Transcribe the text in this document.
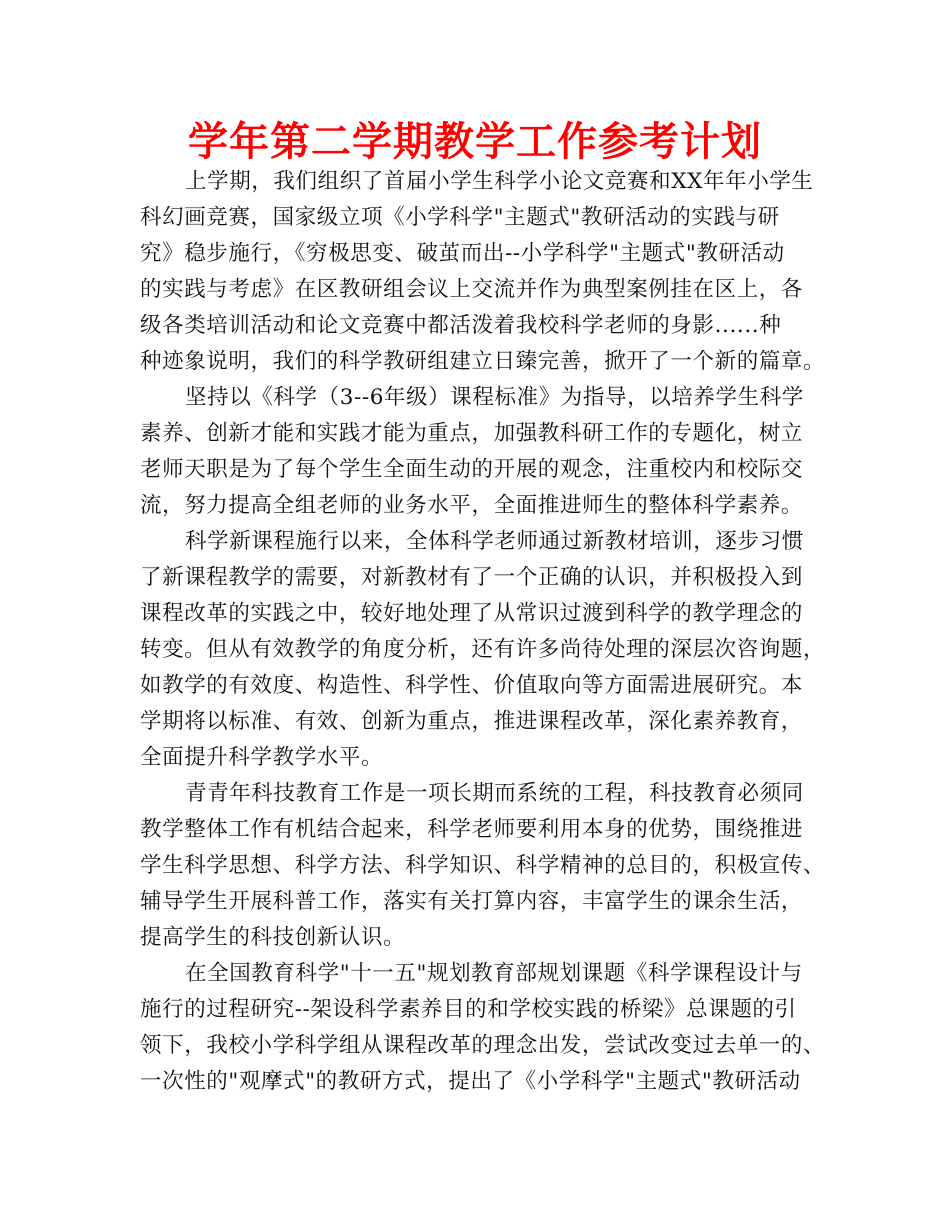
学年第二学期教学工作参考计划
上学期，我们组织了首届小学生科学小论文竞赛和XX年年小学生
科幻画竞赛，国家级立项《小学科学"主题式"教研活动的实践与研
究》稳步施行，《穷极思变、破茧而出--小学科学"主题式"教研活动
的实践与考虑》在区教研组会议上交流并作为典型案例挂在区上，各
级各类培训活动和论文竞赛中都活泼着我校科学老师的身影......种
种迹象说明，我们的科学教研组建立日臻完善，掀开了一个新的篇章。
坚持以《科学（3--6年级）课程标准》为指导，以培养学生科学
素养、创新才能和实践才能为重点，加强教科研工作的专题化，树立
老师天职是为了每个学生全面生动的开展的观念，注重校内和校际交
流，努力提高全组老师的业务水平，全面推进师生的整体科学素养。
科学新课程施行以来，全体科学老师通过新教材培训，逐步习惯
了新课程教学的需要，对新教材有了一个正确的认识，并积极投入到
课程改革的实践之中，较好地处理了从常识过渡到科学的教学理念的
转变。但从有效教学的角度分析，还有许多尚待处理的深层次咨询题，
如教学的有效度、构造性、科学性、价值取向等方面需进展研究。本
学期将以标准、有效、创新为重点，推进课程改革，深化素养教育，
全面提升科学教学水平。
青青年科技教育工作是一项长期而系统的工程，科技教育必须同
教学整体工作有机结合起来，科学老师要利用本身的优势，围绕推进
学生科学思想、科学方法、科学知识、科学精神的总目的，积极宣传、
辅导学生开展科普工作，落实有关打算内容，丰富学生的课余生活，
提高学生的科技创新认识。
在全国教育科学"十一五"规划教育部规划课题《科学课程设计与
施行的过程研究--架设科学素养目的和学校实践的桥梁》总课题的引
领下，我校小学科学组从课程改革的理念出发，尝试改变过去单一的、
一次性的"观摩式"的教研方式，提出了《小学科学"主题式"教研活动
